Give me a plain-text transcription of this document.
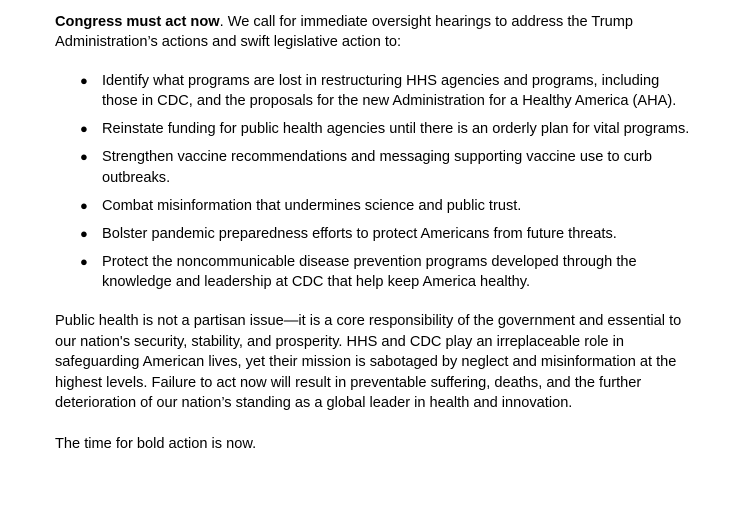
Congress must act now. We call for immediate oversight hearings to address the Trump Administration’s actions and swift legislative action to:

● Identify what programs are lost in restructuring HHS agencies and programs, including those in CDC, and the proposals for the new Administration for a Healthy America (AHA).
● Reinstate funding for public health agencies until there is an orderly plan for vital programs.
● Strengthen vaccine recommendations and messaging supporting vaccine use to curb outbreaks.
● Combat misinformation that undermines science and public trust.
● Bolster pandemic preparedness efforts to protect Americans from future threats.
● Protect the noncommunicable disease prevention programs developed through the knowledge and leadership at CDC that help keep America healthy.

Public health is not a partisan issue—it is a core responsibility of the government and essential to our nation's security, stability, and prosperity. HHS and CDC play an irreplaceable role in safeguarding American lives, yet their mission is sabotaged by neglect and misinformation at the highest levels. Failure to act now will result in preventable suffering, deaths, and the further deterioration of our nation’s standing as a global leader in health and innovation.

The time for bold action is now.
